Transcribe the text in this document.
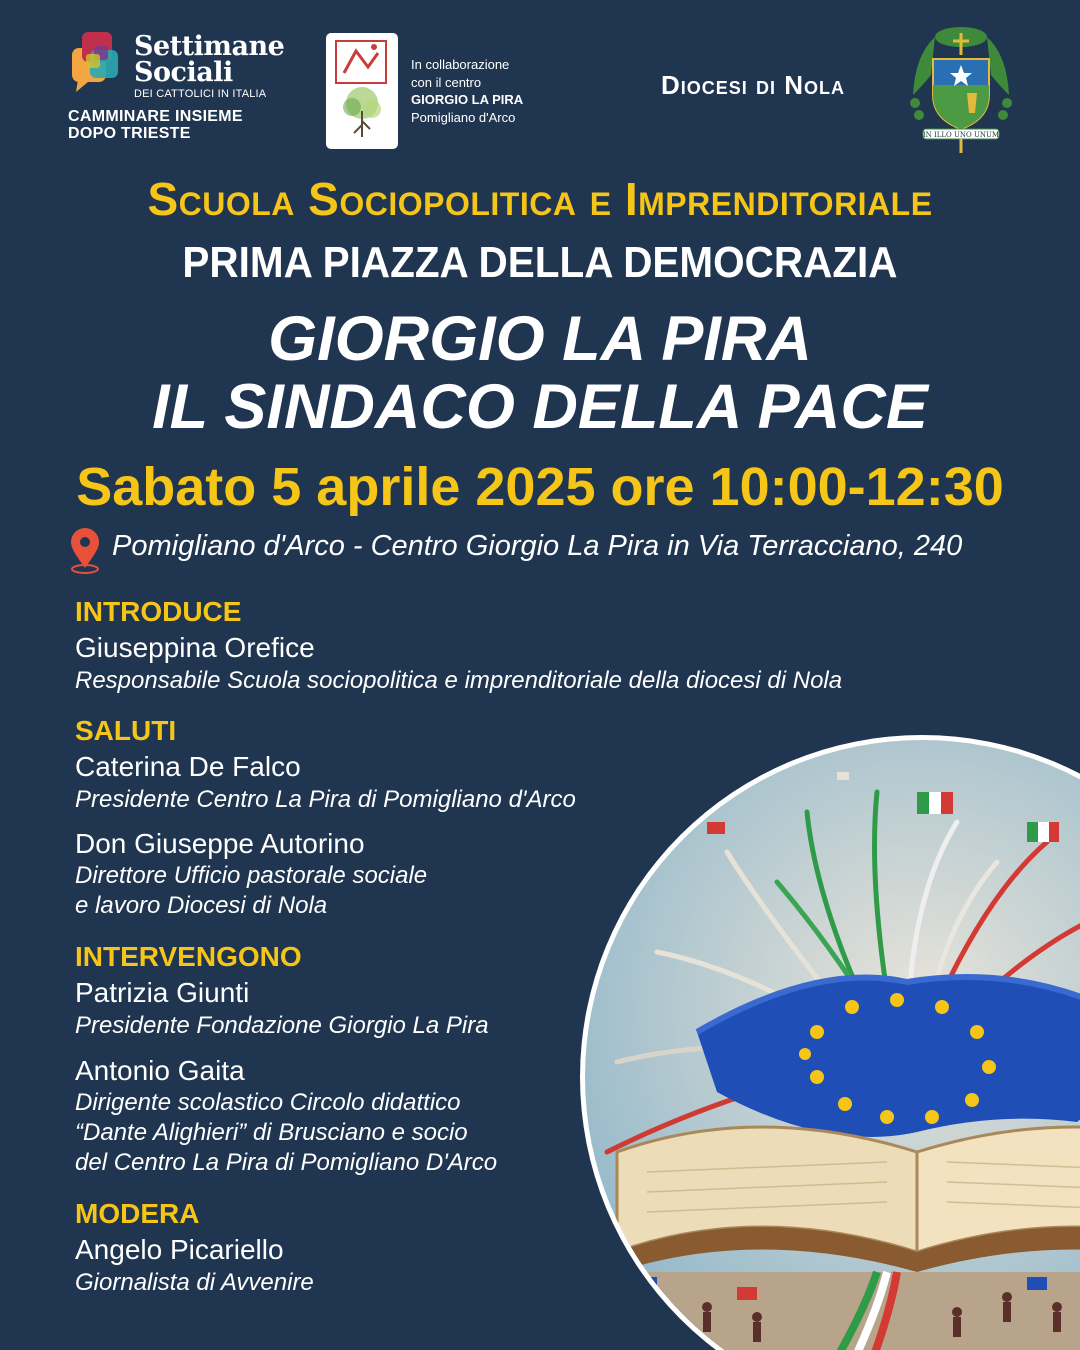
Settimane
Sociali
DEI CATTOLICI IN ITALIA
CAMMINARE INSIEME
DOPO TRIESTE
In collaborazione
con il centro
GIORGIO LA PIRA
Pomigliano d'Arco
Diocesi di Nola
IN ILLO UNO UNUM
Scuola Sociopolitica e Imprenditoriale
PRIMA PIAZZA DELLA DEMOCRAZIA
GIORGIO LA PIRA
IL SINDACO DELLA PACE
Sabato 5 aprile 2025 ore 10:00-12:30
Pomigliano d'Arco - Centro Giorgio La Pira in Via Terracciano, 240
INTRODUCE
Giuseppina Orefice
Responsabile Scuola sociopolitica e imprenditoriale della diocesi di Nola
SALUTI
Caterina De Falco
Presidente Centro La Pira di Pomigliano d'Arco
Don Giuseppe Autorino
Direttore Ufficio pastorale sociale
e lavoro Diocesi di Nola
INTERVENGONO
Patrizia Giunti
Presidente Fondazione Giorgio La Pira
Antonio Gaita
Dirigente scolastico Circolo didattico
“Dante Alighieri” di Brusciano e socio
del Centro La Pira di Pomigliano D'Arco
MODERA
Angelo Picariello
Giornalista di Avvenire
